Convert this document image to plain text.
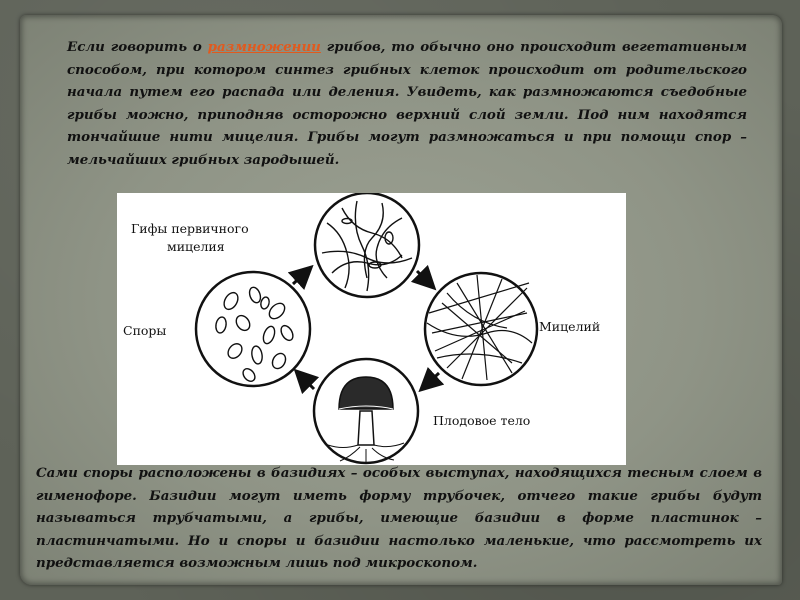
Если говорить о размножении грибов, то обычно оно происходит вегетативным способом, при котором синтез грибных клеток происходит от родительского начала путем его распада или деления. Увидеть, как размножаются съедобные грибы можно, приподняв осторожно верхний слой земли. Под ним находятся тончайшие нити мицелия. Грибы могут размножаться и при помощи спор – мельчайших грибных зародышей.
Гифы первичного
мицелия
Споры	Мицелий
Плодовое тело
Сами споры расположены в базидиях – особых выступах, находящихся тесным слоем в гименофоре. Базидии могут иметь форму трубочек, отчего такие грибы будут называться трубчатыми, а грибы, имеющие базидии в форме пластинок – пластинчатыми. Но и споры и базидии настолько маленькие, что рассмотреть их представляется возможным лишь под микроскопом.
